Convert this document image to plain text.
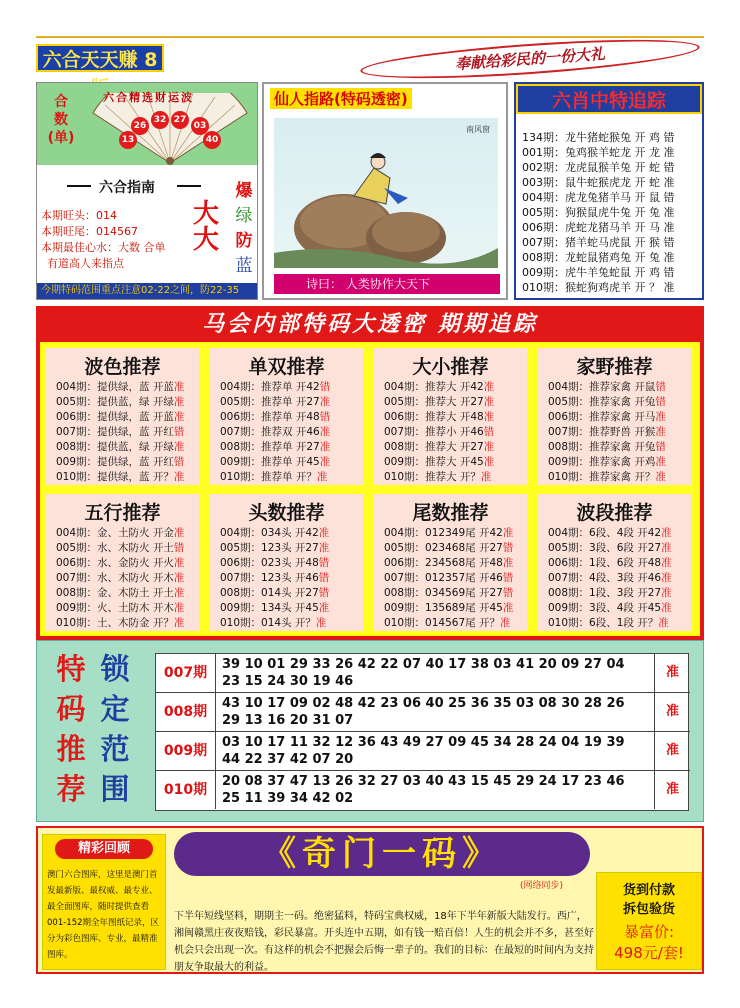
六合天天赚 8	奉献给彩民的一份大礼
合
数
(单)
六合精选财运波
26
32 27
03
13	40
六合指南
本期旺头：014
本期旺尾：014567
本期最佳心水：大数 合单
有道高人来指点
大
大
爆
绿
防
蓝
今期特码范围重点注意02-22之间，防22-35
仙人指路(特码透密)
南风窗
诗曰： 人类协作大天下
六肖中特追踪
134期：龙牛猪蛇猴兔 开 鸡 错
001期：兔鸡猴羊蛇龙 开 龙 准
002期：龙虎鼠猴羊兔 开 蛇 错
003期：鼠牛蛇猴虎龙 开 蛇 准
004期：虎龙兔猪羊马 开 鼠 错
005期：狗猴鼠虎牛兔 开 兔 准
006期：虎蛇龙猪马羊 开 马 准
007期：猪羊蛇马虎鼠 开 猴 错
008期：龙蛇鼠猪鸡兔 开 兔 准
009期：虎牛羊兔蛇鼠 开 鸡 错
010期：猴蛇狗鸡虎羊 开 ？ 准
马会内部特码大透密 期期追踪
波色推荐
004期：提供绿，蓝 开蓝准
005期：提供蓝，绿 开绿准
006期：提供绿，蓝 开蓝准
007期：提供绿，蓝 开红错
008期：提供蓝，绿 开绿准
009期：提供绿，蓝 开红错
010期：提供绿，蓝 开？准
单双推荐
004期：推荐单 开42错
005期：推荐单 开27准
006期：推荐单 开48错
007期：推荐双 开46准
008期：推荐单 开27准
009期：推荐单 开45准
010期：推荐单 开？准
大小推荐
004期：推荐大 开42准
005期：推荐大 开27准
006期：推荐大 开48准
007期：推荐小 开46错
008期：推荐大 开27准
009期：推荐大 开45准
010期：推荐大 开？准
家野推荐
004期：推荐家禽 开鼠错
005期：推荐家禽 开兔错
006期：推荐家禽 开马准
007期：推荐野兽 开猴准
008期：推荐家禽 开兔错
009期：推荐家禽 开鸡准
010期：推荐家禽 开？准
五行推荐
004期：金、土防火 开金准
005期：水、木防火 开土错
006期：水、金防火 开火准
007期：水、木防火 开木准
008期：金、木防土 开土准
009期：火、土防木 开木准
010期：土、木防金 开？准
头数推荐
004期：034头 开42准
005期：123头 开27准
006期：023头 开48错
007期：123头 开46错
008期：014头 开27错
009期：134头 开45准
010期：014头 开？准
尾数推荐
004期：012349尾 开42准
005期：023468尾 开27错
006期：234568尾 开48准
007期：012357尾 开46错
008期：034569尾 开27错
009期：135689尾 开45准
010期：014567尾 开？准
波段推荐
004期：6段、4段 开42准
005期：3段、6段 开27准
006期：1段、6段 开48准
007期：4段、3段 开46准
008期：1段、3段 开27准
009期：3段、4段 开45准
010期：6段、1段 开？准
特
码
推
荐
锁
定
范
围
007期
39 10 01 29 33 26 42 22 07 40 17 38 03 41 20 09 27 04 23 15 24 30 19 46
准
008期
43 10 17 09 02 48 42 23 06 40 25 36 35 03 08 30 28 26 29 13 16 20 31 07
准
009期
03 10 17 11 32 12 36 43 49 27 09 45 34 28 24 04 19 39 44 22 37 42 07 20
准
010期
20 08 37 47 13 26 32 27 03 40 43 15 45 29 24 17 23 46 25 11 39 34 42 02
准
精彩回顾
澳门六合图库，这里是澳门首发最新版、最权威、最专业、最全面图库，随时提供查看001-152期全年图纸记录，区分为彩色图库、专业，最精准图库。
《奇门一码》
(网络同步)
下半年短线坚料，期期主一码。绝密猛料，特码宝典权威，18年下半年新版大陆发行。西广，湘闽赣黑庄夜夜赔钱，彩民暴富。开头连中五期，如有钱一赔百倍！人生的机会并不多，甚至好机会只会出现一次。有这样的机会不把握会后悔一辈子的。我们的目标：在最短的时间内为支持朋友争取最大的利益。
货到付款
拆包验货
暴富价:
498元/套!
